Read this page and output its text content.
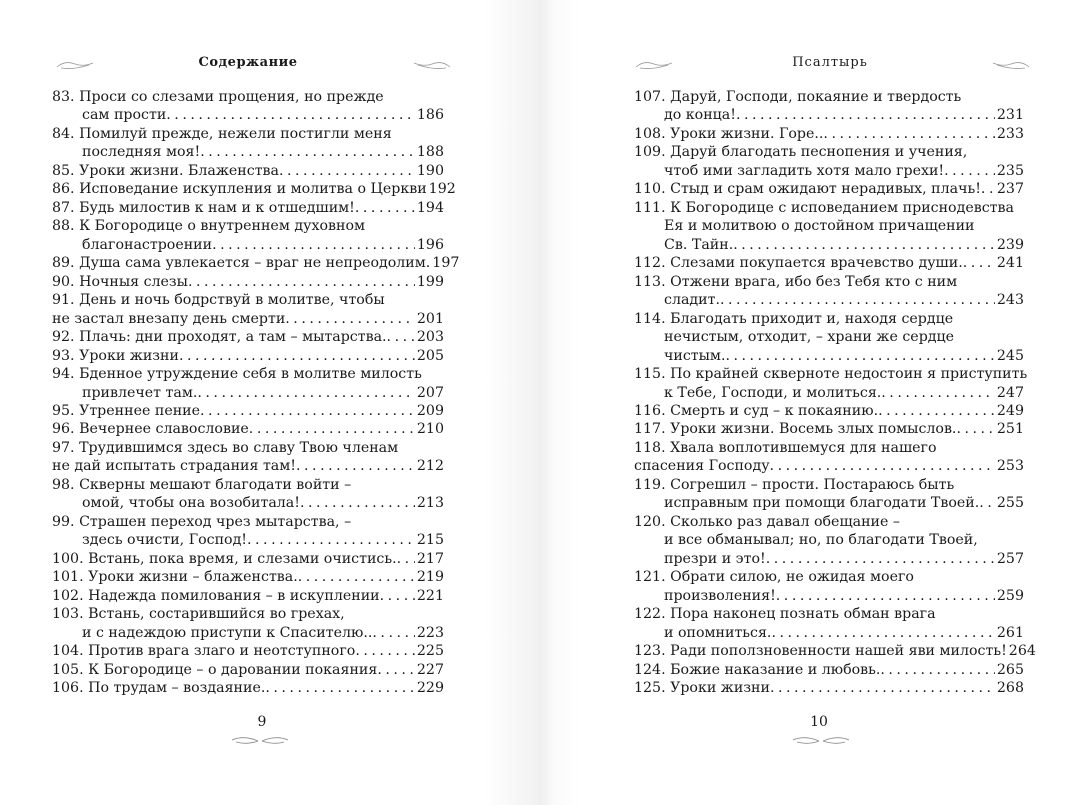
Содержание
83. Проси со слезами прощения, но прежде
сам прости . . .	186
84. Помилуй прежде, нежели постигли меня
последняя моя! . . .	188
85. Уроки жизни. Блаженства . . .	190
86. Исповедание искупления и молитва о Церкви 192
87. Будь милостив к нам и к отшедшим! . . .	194
88. К Богородице о внутреннем духовном
благонастроении . . .	196
89. Душа сама увлекается – враг не непреодолим. 197
90. Ночныя слезы . . .	199
91. День и ночь бодрствуй в молитве, чтобы
не застал внезапу день смерти . . .	201
92. Плачь: дни проходят, а там – мытарства. . . . 203
93. Уроки жизни . . .	205
94. Бденное утруждение себя в молитве милость
привлечет там. . . .	207
95. Утреннее пение . . .	209
96. Вечернее славословие . . .	210
97. Трудившимся здесь во славу Твою членам
не дай испытать страдания там! . . .	212
98. Скверны мешают благодати войти –
омой, чтобы она возобитала! . . .	213
99. Страшен переход чрез мытарства, –
здесь очисти, Господ! . . .	215
100. Встань, пока время, и слезами очистись. . . . 217
101. Уроки жизни – блаженства. . . .	219
102. Надежда помилования – в искуплении . . .	221
103. Встань, состарившийся во грехах,
и с надеждою приступи к Спасителю.. . . .	223
104. Против врага злаго и неотступного . . .	225
105. К Богородице – о даровании покаяния . . .	227
106. По трудам – воздаяние. . . .	229
9
Псалтырь
107. Даруй, Господи, покаяние и твердость
до конца! . . .	231
108. Уроки жизни. Горе.. . . .	233
109. Даруй благодать песнопения и учения,
чтоб ими загладить хотя мало грехи! . . .	235
110. Стыд и срам ожидают нерадивых, плачь! . . . 237
111. К Богородице с исповеданием приснодевства
Ея и молитвою о достойном причащении
Св. Тайн. . . .	239
112. Слезами покупается врачевство души. . . . 241
113. Отжени врага, ибо без Тебя кто с ним
сладит. . . .	243
114. Благодать приходит и, находя сердце
нечистым, отходит, – храни же сердце
чистым. . . .	245
115. По крайней скверноте недостоин я приступить
к Тебе, Господи, и молиться. . . .	247
116. Смерть и суд – к покаянию. . . .	249
117. Уроки жизни. Восемь злых помыслов. . . .	251
118. Хвала воплотившемуся для нашего
спасения Господу . . .	253
119. Согрешил – прости. Постараюсь быть
исправным при помощи благодати Твоей. . . . 255
120. Сколько раз давал обещание –
и все обманывал; но, по благодати Твоей,
презри и это! . . .	257
121. Обрати силою, не ожидая моего
произволения! . . .	259
122. Пора наконец познать обман врага
и опомниться. . . .	261
123. Ради поползновенности нашей яви милость! 264
124. Божие наказание и любовь. . . .	265
125. Уроки жизни . . .	268
10
